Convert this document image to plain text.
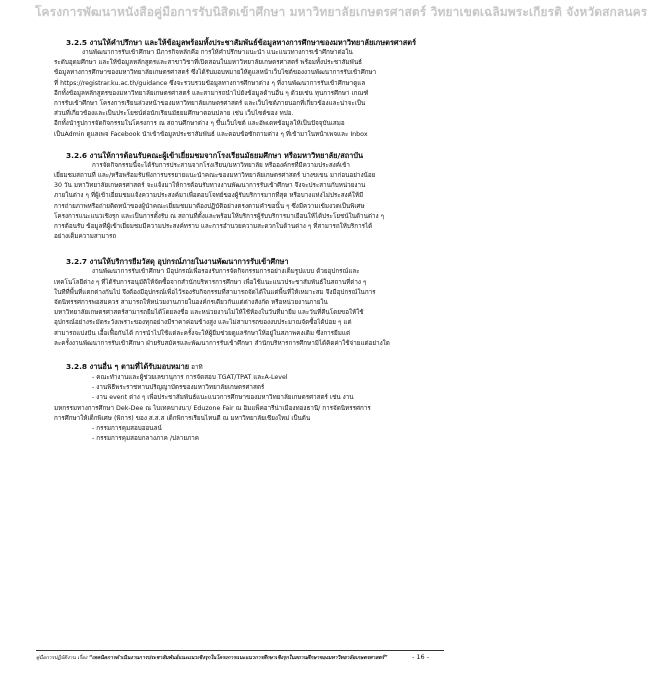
โครงการพัฒนาหนังสือคู่มือการรับนิสิตเข้าศึกษา มหาวิทยาลัยเกษตรศาสตร์ วิทยาเขตเฉลิมพระเกียรติ จังหวัดสกลนคร

3.2.5 งานให้คำปรึกษา และให้ข้อมูลพร้อมทั้งประชาสัมพันธ์ข้อมูลทางการศึกษาของมหาวิทยาลัยเกษตรศาสตร์

งานพัฒนาการรับเข้าศึกษา มีภารกิจหลักคือ การให้คำปรึกษาแนะนำ แนะแนวทางการเข้าศึกษาต่อใน
ระดับอุดมศึกษา และให้ข้อมูลหลักสูตรและสาขาวิชาที่เปิดสอนในมหาวิทยาลัยเกษตรศาสตร์ พร้อมทั้งประชาสัมพันธ์
ข้อมูลทางการศึกษาของมหาวิทยาลัยเกษตรศาสตร์ ซึ่งได้รับมอบหมายให้ดูแลหน้าเว็บไซต์ของงานพัฒนาการรับเข้าศึกษา
ที่ https://registrar.ku.ac.th/guidance ซึ่งจะรวบรวมข้อมูลทางการศึกษาต่าง ๆ ที่งานพัฒนาการรับเข้าศึกษาดูแล
อีกทั้งข้อมูลหลักสูตรของมหาวิทยาลัยเกษตรศาสตร์ และสามารถนำไปยังข้อมูลด้านอื่น ๆ ด้วยเช่น ทุนการศึกษา เกณฑ์
การรับเข้าศึกษา โครงการเรียนล่วงหน้าของมหาวิทยาลัยเกษตรศาสตร์ และเว็บไซต์ภายนอกที่เกี่ยวข้องและน่าจะเป็น
ส่วนที่เกี่ยวข้องและเป็นประโยชน์ต่อนักเรียนมัธยมศึกษาตอนปลาย เช่น เว็บไซต์ของ ทปอ.
อีกทั้งนำรูปการจัดกิจกรรมในโครงการ ณ สถานศึกษาต่าง ๆ ขึ้นเว็บไซต์ และอัพเดทข้อมูลให้เป็นปัจจุบันเสมอ
เป็นAdmin ดูแลเพจ Facebook นำเข้าข้อมูลประชาสัมพันธ์ และตอบข้อซักถามต่าง ๆ ที่เข้ามาในหน้าเพจและ Inbox

3.2.6 งานให้การต้อนรับคณะผู้เข้าเยี่ยมชมจากโรงเรียนมัธยมศึกษา หรือมหาวิทยาลัย/สถาบัน

การจัดกิจกรรมนี้จะได้รับการประสานจากโรงเรียน/มหาวิทยาลัย หรือองค์กรที่มีความประสงค์เข้า
เยี่ยมชมสถานที่ และ/หรือพร้อมรับฟังการบรรยายแนะนำคณะของมหาวิทยาลัยเกษตรศาสตร์ บางขเขน มาก่อนอย่างน้อย
30 วัน มหาวิทยาลัยเกษตรศาสตร์ จะแจ้งมาให้การต้อนรับทางงานพัฒนาการรับเข้าศึกษา จึงจะประสานกับหน่วยงาน
ภายในต่าง ๆ ที่ผู้เข้าเยี่ยมชมแจ้งความประสงค์มาเพื่อตอบโจทย์ของผู้รับบริการมากที่สุด หรือบางแห่งไม่ประสงค์ให้มี
การถ่ายภาพหรือถ่ายติดหน้าของผู้นำคณะเยี่ยมชมมาต้องปฏิบัติอย่างตรงตามคำขอนั้น ๆ ซึ่งมีความเข้มงวดเป็นพิเศษ
โครงการแนะแนวเชิงรุก และเป็นการตั้งรับ ณ สถานที่ตั้งและพร้อมให้บริการผู้รับบริการมาเยือนให้ได้ประโยชน์ในด้านต่าง ๆ
การต้อนรับ ข้อมูลที่ผู้เข้าเยี่ยมชมมีความประสงค์ทราบ และการอำนวยความสะดวกในด้านต่าง ๆ ที่สามารถให้บริการได้
อย่างเต็มความสามารถ

3.2.7 งานให้บริการยืมวัสดุ อุปกรณ์ภายในงานพัฒนาการรับเข้าศึกษา

งานพัฒนาการรับเข้าศึกษา มีอุปกรณ์เพื่อรองรับการจัดกิจกรรมการอย่างเต็มรูปแบบ ด้วยอุปกรณ์และ
เทคโนโลยีต่าง ๆ ที่ได้รับการอนุมัติให้จัดซื้อจากสำนักบริหารการศึกษา เพื่อใช้แนะแนวประชาสัมพันธ์ในสถานที่ต่าง ๆ
ในทีที่พื้นที่แตกต่างกันไป จึงต้องมีอุปกรณ์เพื่อไว้รองรับกิจกรรมที่สามารถจัดได้ในแต่พื้นที่ให้เหมาะสม จึงมีอุปกรณ์ในการ
จัดนิทรรศการพอสมควร สามารถให้หน่วยงานภายในองค์กรเดียวกันแต่ต่างสังกัด หรือหน่วยงานภายใน
มหาวิทยาลัยเกษตรศาสตร์สามารถยืมได้โดยลงชื่อ และหน่วยงานไม่ให้ใช้ห้องในวันที่มายืม และวันที่คืนโดยขอให้ใช้
อุปกรณ์อย่างระมัดระวังเพราะของทุกอย่างมีราคาค่อนข้างสูง และไม่สามารถของงบประมาณจัดซื้อได้บ่อย ๆ แต่
สามารถแบ่งปัน เอื้อเฟื้อกันได้ การนำไปใช้แต่ละครั้งจะให้ผู้ยืมช่วยดูแลรักษาให้อยู่ในสภาพคงเดิม ซึ่งการยืมแต่
ละครั้งงานพัฒนาการรับเข้าศึกษา ฝ่ายรับสมัครและพัฒนาการรับเข้าศึกษา สำนักบริหารการศึกษามิได้คิดค่าใช้จ่ายแต่อย่างใด

3.2.8 งานอื่น ๆ ตามที่ได้รับมอบหมาย อาทิ

- คณะทำงานและผู้ช่วยเลขานุการ การจัดสอบ TGAT/TPAT และA-Level
- งานพิธีพระราชทานปริญญาบัตรของมหาวิทยาลัยเกษตรศาสตร์
- งาน event ต่าง ๆ เพื่อประชาสัมพันธ์แนะแนวการศึกษาของมหาวิทยาลัยเกษตรศาสตร์ เช่น งาน
มหกรรมทางการศึกษา Dek-Dee ณ ไบเทคบางนา/ Eduzone Fair ณ อิมแพ็คอารีน่าเมืองทองธานี/ การจัดนิทรรศการ
การศึกษาให้เด็กพิเศษ (พิการ) ของ ส.ส.ส เด็กพิการเรียนไหนดี ณ มหาวิทยาลัยเชียงใหม่ เป็นต้น
- กรรมการคุมสอบออนลน์
- กรรมการคุมสอบกลางภาค /ปลายภาค
คู่มือการปฏิบัติงาน เรื่อง “เทคนิคการดำเนินงานการประชาสัมพันธ์แนะแนวเชิงรุกในโครงการแนะแนวการศึกษาเชิงรุกในสถานศึกษาของมหาวิทยาลัยเกษตรศาสตร์”	- 16 -
